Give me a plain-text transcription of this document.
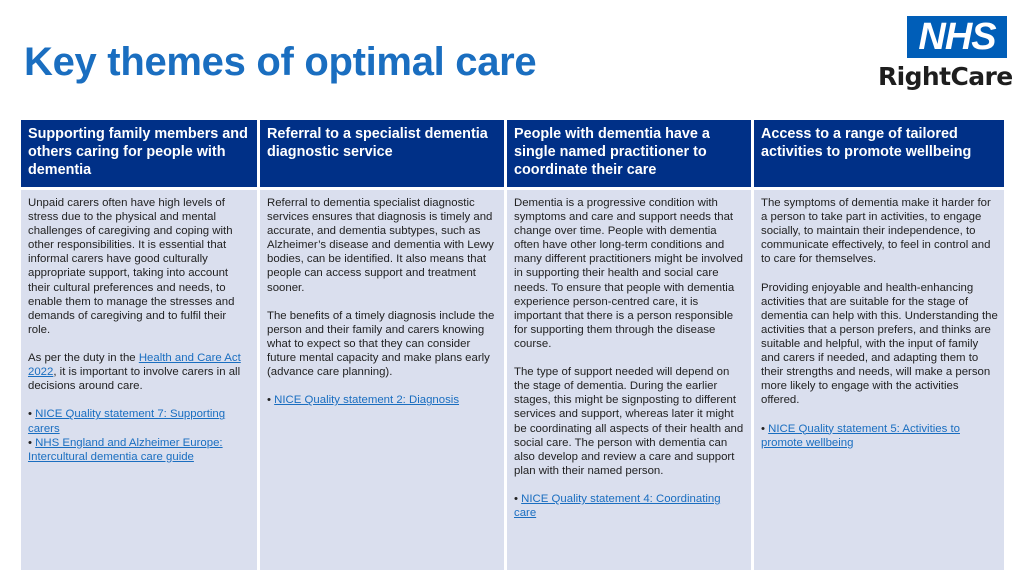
Key themes of optimal care
NHS
RightCare
Supporting family members and others caring for people with dementia

Unpaid carers often have high levels of stress due to the physical and mental challenges of caregiving and coping with other responsibilities. It is essential that informal carers have good culturally appropriate support, taking into account their cultural preferences and needs, to enable them to manage the stresses and demands of caregiving and to fulfil their role.

As per the duty in the Health and Care Act 2022, it is important to involve carers in all decisions around care.

• NICE Quality statement 7: Supporting carers

• NHS England and Alzheimer Europe: Intercultural dementia care guide

Referral to a specialist dementia diagnostic service

Referral to dementia specialist diagnostic services ensures that diagnosis is timely and accurate, and dementia subtypes, such as Alzheimer’s disease and dementia with Lewy bodies, can be identified. It also means that people can access support and treatment sooner.

The benefits of a timely diagnosis include the person and their family and carers knowing what to expect so that they can consider future mental capacity and make plans early (advance care planning).

• NICE Quality statement 2: Diagnosis

People with dementia have a single named practitioner to coordinate their care

Dementia is a progressive condition with symptoms and care and support needs that change over time. People with dementia often have other long-term conditions and many different practitioners might be involved in supporting their health and social care needs. To ensure that people with dementia experience person-centred care, it is important that there is a person responsible for supporting them through the disease course.

The type of support needed will depend on the stage of dementia. During the earlier stages, this might be signposting to different services and support, whereas later it might be coordinating all aspects of their health and social care. The person with dementia can also develop and review a care and support plan with their named person.

• NICE Quality statement 4: Coordinating care

Access to a range of tailored activities to promote wellbeing

The symptoms of dementia make it harder for a person to take part in activities, to engage socially, to maintain their independence, to communicate effectively, to feel in control and to care for themselves.

Providing enjoyable and health-enhancing activities that are suitable for the stage of dementia can help with this. Understanding the activities that a person prefers, and thinks are suitable and helpful, with the input of family and carers if needed, and adapting them to their strengths and needs, will make a person more likely to engage with the activities offered.

• NICE Quality statement 5: Activities to promote wellbeing
